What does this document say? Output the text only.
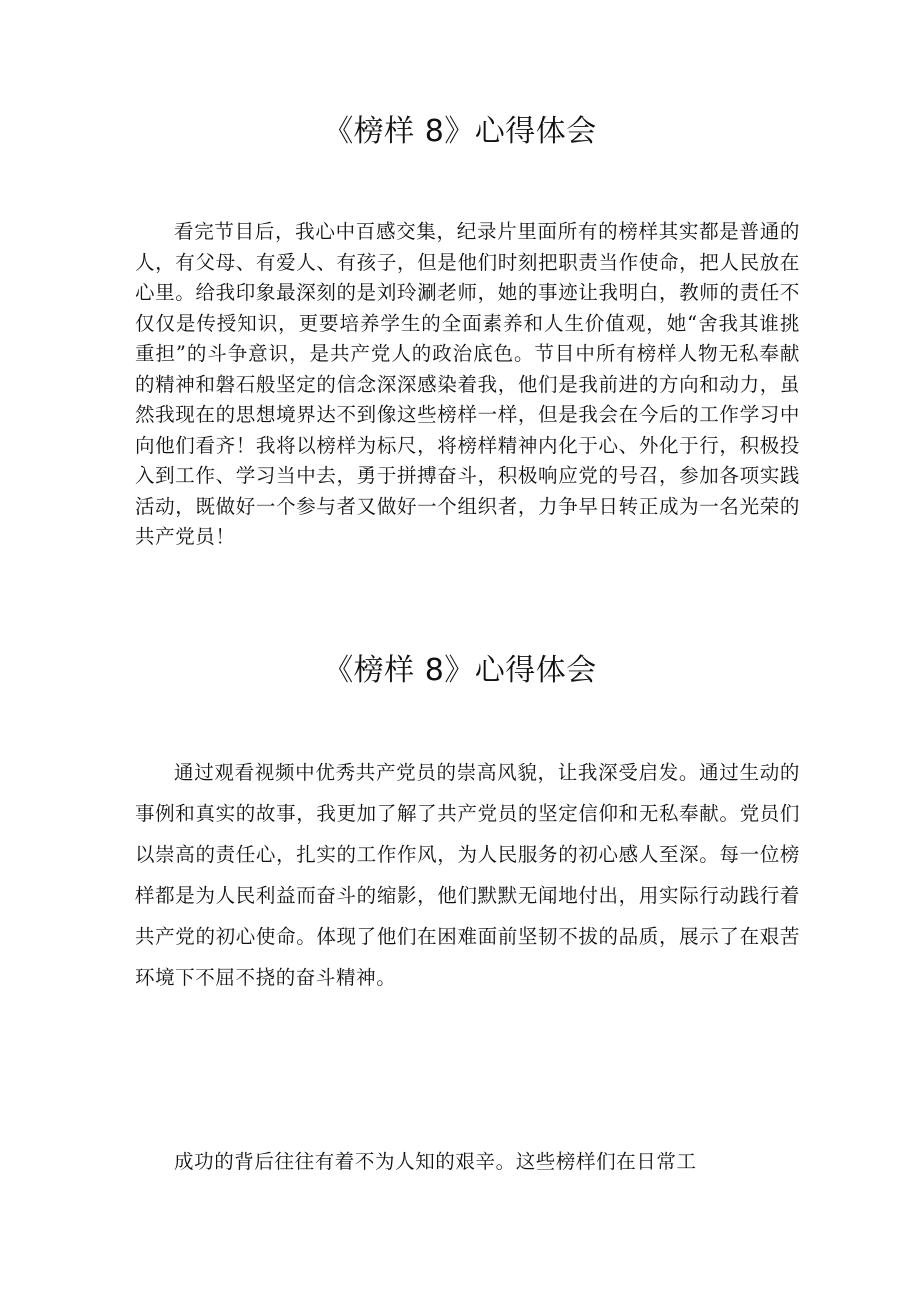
《榜样 8》心得体会

看完节目后，我心中百感交集，纪录片里面所有的榜样其实都是普通的人，有父母、有爱人、有孩子，但是他们时刻把职责当作使命，把人民放在心里。给我印象最深刻的是刘玲涮老师，她的事迹让我明白，教师的责任不仅仅是传授知识，更要培养学生的全面素养和人生价值观，她“舍我其谁挑重担”的斗争意识，是共产党人的政治底色。节目中所有榜样人物无私奉献的精神和磐石般坚定的信念深深感染着我，他们是我前进的方向和动力，虽然我现在的思想境界达不到像这些榜样一样，但是我会在今后的工作学习中向他们看齐！我将以榜样为标尺，将榜样精神内化于心、外化于行，积极投入到工作、学习当中去，勇于拼搏奋斗，积极响应党的号召，参加各项实践活动，既做好一个参与者又做好一个组织者，力争早日转正成为一名光荣的共产党员！

《榜样 8》心得体会

通过观看视频中优秀共产党员的崇高风貌，让我深受启发。通过生动的事例和真实的故事，我更加了解了共产党员的坚定信仰和无私奉献。党员们以崇高的责任心，扎实的工作作风，为人民服务的初心感人至深。每一位榜样都是为人民利益而奋斗的缩影，他们默默无闻地付出，用实际行动践行着共产党的初心使命。体现了他们在困难面前坚韧不拔的品质，展示了在艰苦环境下不屈不挠的奋斗精神。

成功的背后往往有着不为人知的艰辛。这些榜样们在日常工
